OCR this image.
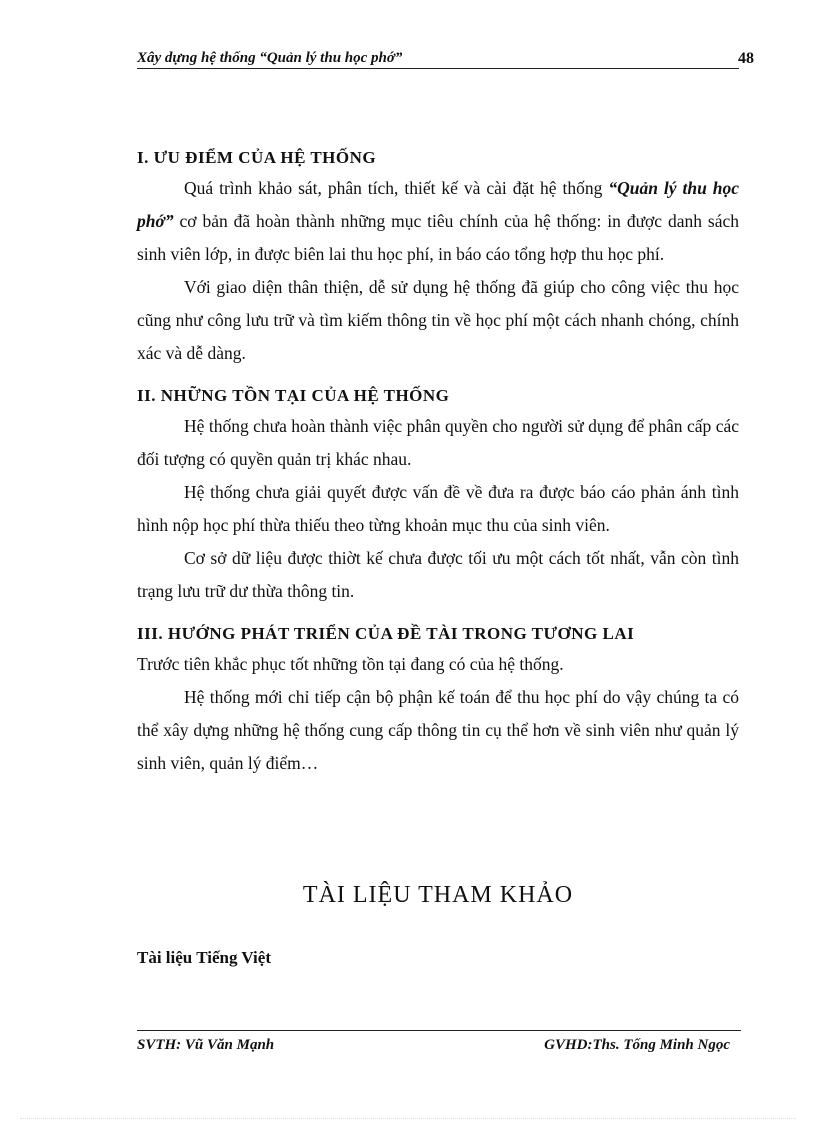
Xây dựng hệ thống “Quản lý thu học phớ”	48
I. ƯU ĐIỂM CỦA HỆ THỐNG

Quá trình khảo sát, phân tích, thiết kế và cài đặt hệ thống “Quản lý thu học phớ” cơ bản đã hoàn thành những mục tiêu chính của hệ thống: in được danh sách sinh viên lớp, in được biên lai thu học phí, in báo cáo tổng hợp thu học phí.

Với giao diện thân thiện, dễ sử dụng hệ thống đã giúp cho công việc thu học cũng như công lưu trữ và tìm kiếm thông tin về học phí một cách nhanh chóng, chính xác và dễ dàng.

II. NHỮNG TỒN TẠI CỦA HỆ THỐNG

Hệ thống chưa hoàn thành việc phân quyền cho người sử dụng để phân cấp các đối tượng có quyền quản trị khác nhau.

Hệ thống chưa giải quyết được vấn đề về đưa ra được báo cáo phản ánh tình hình nộp học phí thừa thiếu theo từng khoản mục thu của sinh viên.

Cơ sở dữ liệu được thiờt kế chưa được tối ưu một cách tốt nhất, vẫn còn tình trạng lưu trữ dư thừa thông tin.

III. HƯỚNG PHÁT TRIỂN CỦA ĐỀ TÀI TRONG TƯƠNG LAI

Trước tiên khắc phục tốt những tồn tại đang có của hệ thống.

Hệ thống mới chỉ tiếp cận bộ phận kế toán để thu học phí do vậy chúng ta có thể xây dựng những hệ thống cung cấp thông tin cụ thể hơn về sinh viên như quản lý sinh viên, quản lý điểm…

TÀI LIỆU THAM KHẢO
Tài liệu Tiếng Việt
SVTH: Vũ Văn Mạnh	GVHD:Ths. Tống Minh Ngọc
